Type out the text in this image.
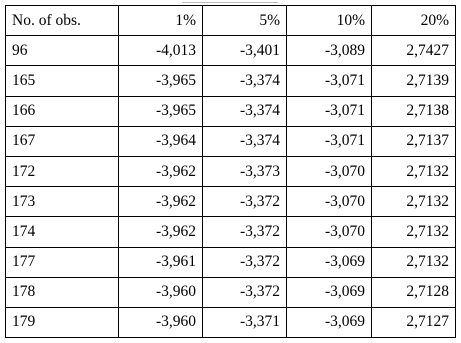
No. of obs.	1%	5%	10%	20%
96	-4,013	-3,401	-3,089	2,7427
165	-3,965	-3,374	-3,071	2,7139
166	-3,965	-3,374	-3,071	2,7138
167	-3,964	-3,374	-3,071	2,7137
172	-3,962	-3,373	-3,070	2,7132
173	-3,962	-3,372	-3,070	2,7132
174	-3,962	-3,372	-3,070	2,7132
177	-3,961	-3,372	-3,069	2,7132
178	-3,960	-3,372	-3,069	2,7128
179	-3,960	-3,371	-3,069	2,7127
